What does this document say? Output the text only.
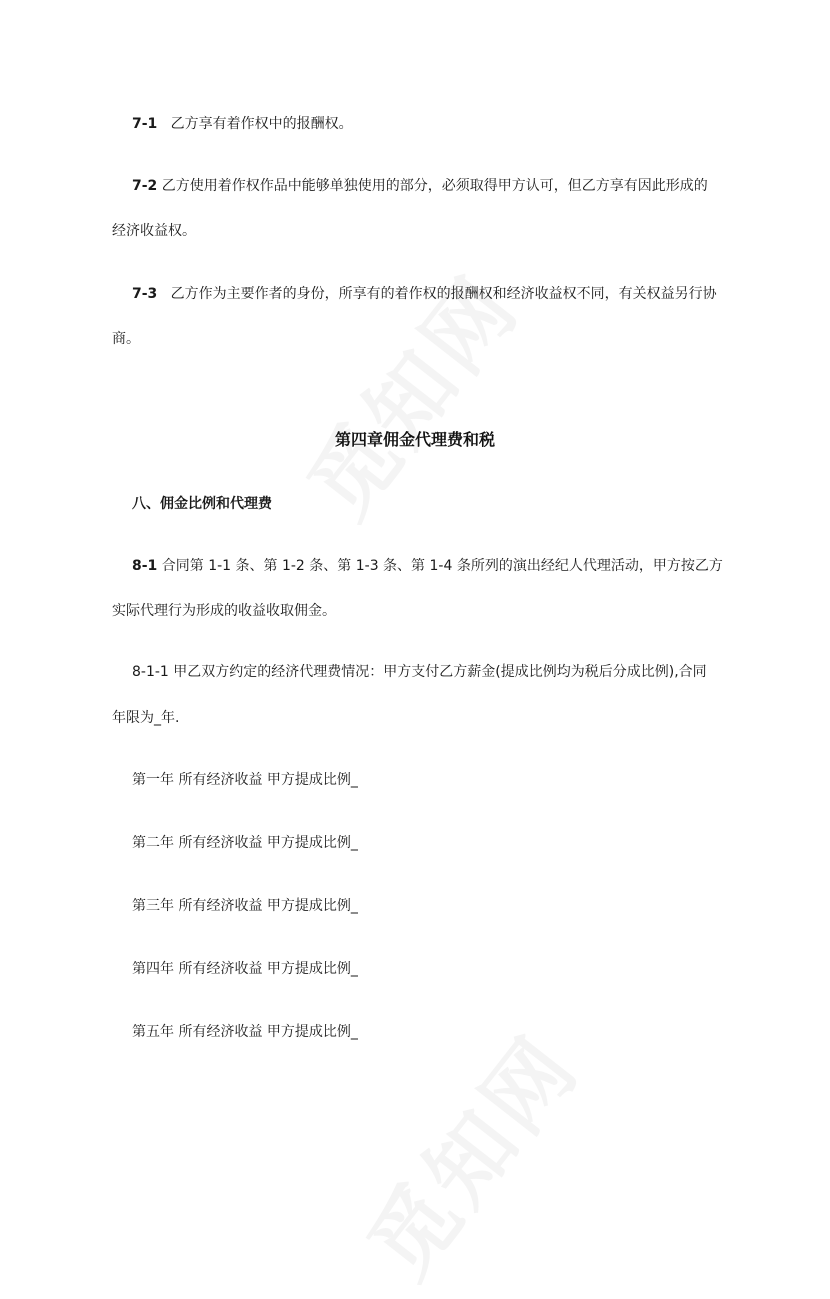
7-1 乙方享有着作权中的报酬权。
7-2 乙方使用着作权作品中能够单独使用的部分，必须取得甲方认可，但乙方享有因此形成的
经济收益权。
7-3 乙方作为主要作者的身份，所享有的着作权的报酬权和经济收益权不同，有关权益另行协
商。
第四章佣金代理费和税
八、佣金比例和代理费
8-1 合同第 1-1 条、第 1-2 条、第 1-3 条、第 1-4 条所列的演出经纪人代理活动，甲方按乙方
实际代理行为形成的收益收取佣金。
8-1-1 甲乙双方约定的经济代理费情况：甲方支付乙方薪金(提成比例均为税后分成比例),合同
年限为_年.
第一年 所有经济收益 甲方提成比例_
第二年 所有经济收益 甲方提成比例_
第三年 所有经济收益 甲方提成比例_
第四年 所有经济收益 甲方提成比例_
第五年 所有经济收益 甲方提成比例_
